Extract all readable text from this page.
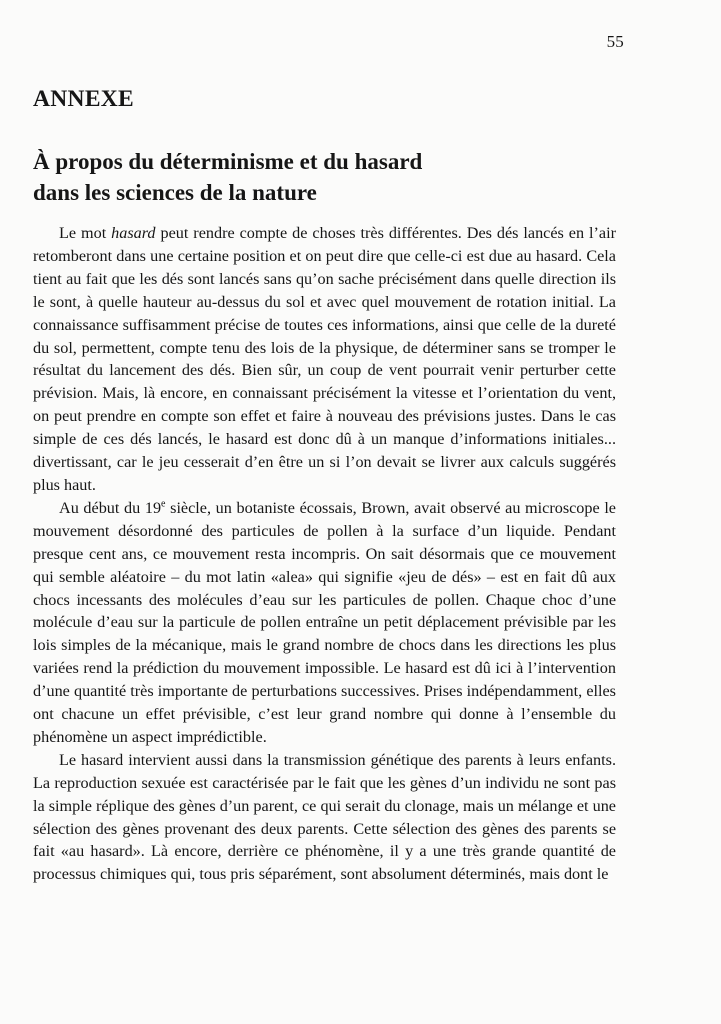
55
ANNEXE
À propos du déterminisme et du hasard
dans les sciences de la nature

Le mot hasard peut rendre compte de choses très différentes. Des dés lancés en l’air retomberont dans une certaine position et on peut dire que celle-ci est due au hasard. Cela tient au fait que les dés sont lancés sans qu’on sache précisément dans quelle direction ils le sont, à quelle hauteur au-dessus du sol et avec quel mouvement de rotation initial. La connaissance suffisamment précise de toutes ces informations, ainsi que celle de la dureté du sol, permettent, compte tenu des lois de la physique, de déterminer sans se tromper le résultat du lancement des dés. Bien sûr, un coup de vent pourrait venir perturber cette prévision. Mais, là encore, en connaissant précisément la vitesse et l’orientation du vent, on peut prendre en compte son effet et faire à nouveau des prévisions justes. Dans le cas simple de ces dés lancés, le hasard est donc dû à un manque d’informations initiales... divertissant, car le jeu cesserait d’en être un si l’on devait se livrer aux calculs suggérés plus haut.

Au début du 19e siècle, un botaniste écossais, Brown, avait observé au microscope le mouvement désordonné des particules de pollen à la surface d’un liquide. Pendant presque cent ans, ce mouvement resta incompris. On sait désormais que ce mouvement qui semble aléatoire – du mot latin «alea» qui signifie «jeu de dés» – est en fait dû aux chocs incessants des molécules d’eau sur les particules de pollen. Chaque choc d’une molécule d’eau sur la particule de pollen entraîne un petit déplacement prévisible par les lois simples de la mécanique, mais le grand nombre de chocs dans les directions les plus variées rend la prédiction du mouvement impossible. Le hasard est dû ici à l’intervention d’une quantité très importante de perturbations successives. Prises indépendamment, elles ont chacune un effet prévisible, c’est leur grand nombre qui donne à l’ensemble du phénomène un aspect imprédictible.

Le hasard intervient aussi dans la transmission génétique des parents à leurs enfants. La reproduction sexuée est caractérisée par le fait que les gènes d’un individu ne sont pas la simple réplique des gènes d’un parent, ce qui serait du clonage, mais un mélange et une sélection des gènes provenant des deux parents. Cette sélection des gènes des parents se fait «au hasard». Là encore, derrière ce phénomène, il y a une très grande quantité de processus chimiques qui, tous pris séparément, sont absolument déterminés, mais dont le
